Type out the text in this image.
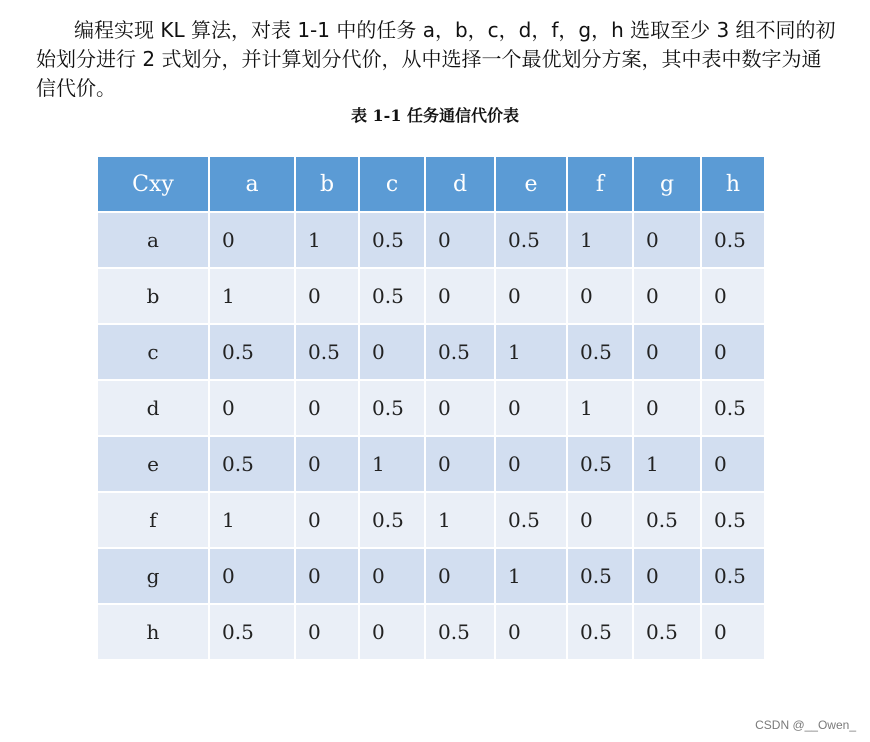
编程实现 KL 算法，对表 1-1 中的任务 a，b，c，d，f，g，h 选取至少 3 组不同的初始划分进行 2 式划分，并计算划分代价，从中选择一个最优划分方案，其中表中数字为通信代价。

表 1-1 任务通信代价表
Cxy	a	b	c	d	e	f	g	h
a	0	1	0.5	0	0.5	1	0	0.5
b	1	0	0.5	0	0	0	0	0
c	0.5	0.5	0	0.5	1	0.5	0	0
d	0	0	0.5	0	0	1	0	0.5
e	0.5	0	1	0	0	0.5	1	0
f	1	0	0.5	1	0.5	0	0.5	0.5
g	0	0	0	0	1	0.5	0	0.5
h	0.5	0	0	0.5	0	0.5	0.5	0
CSDN @__Owen_
